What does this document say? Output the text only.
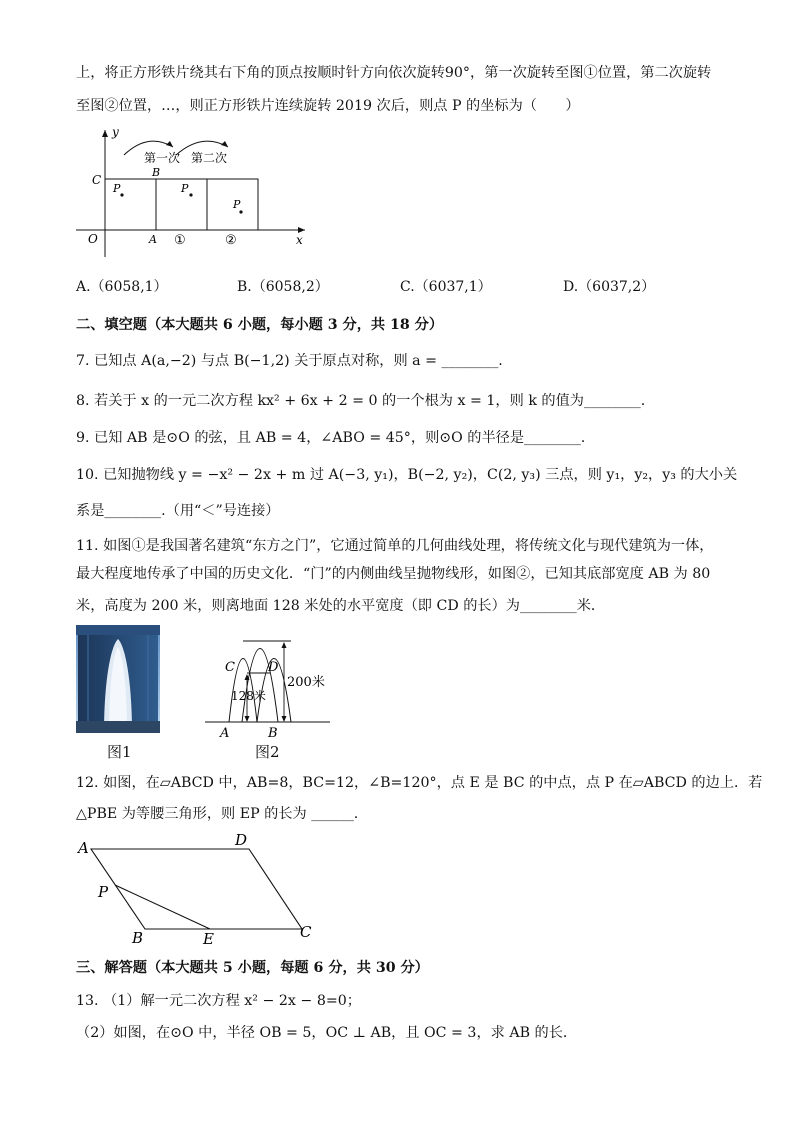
上，将正方形铁片绕其右下角的顶点按顺时针方向依次旋转90°，第一次旋转至图①位置，第二次旋转
至图②位置，…，则正方形铁片连续旋转 2019 次后，则点 P 的坐标为（　　）
y
x
O
C
B
A
P	P
P
①	②
第一次 第二次
A.（6058,1）	B.（6058,2）	C.（6037,1）	D.（6037,2）
二、填空题（本大题共 6 小题，每小题 3 分，共 18 分）
7. 已知点 A(a,−2) 与点 B(−1,2) 关于原点对称，则 a = ________.
8. 若关于 x 的一元二次方程 kx² + 6x + 2 = 0 的一个根为 x = 1，则 k 的值为________.
9. 已知 AB 是⊙O 的弦，且 AB = 4，∠ABO = 45°，则⊙O 的半径是________.
10. 已知抛物线 y = −x² − 2x + m 过 A(−3, y₁)，B(−2, y₂)，C(2, y₃) 三点，则 y₁，y₂，y₃ 的大小关
系是________.（用“＜”号连接）
11. 如图①是我国著名建筑“东方之门”，它通过简单的几何曲线处理，将传统文化与现代建筑为一体，
最大程度地传承了中国的历史文化．“门”的内侧曲线呈抛物线形，如图②，已知其底部宽度 AB 为 80
米，高度为 200 米，则离地面 128 米处的水平宽度（即 CD 的长）为________米．
图1
C	D
A	B
128米
200米
图2
12. 如图，在▱ABCD 中，AB=8，BC=12，∠B=120°，点 E 是 BC 的中点，点 P 在▱ABCD 的边上．若
△PBE 为等腰三角形，则 EP 的长为 ______.
A	D
P
B	E	C
三、解答题（本大题共 5 小题，每题 6 分，共 30 分）
13. （1）解一元二次方程 x² − 2x − 8=0；
（2）如图，在⊙O 中，半径 OB = 5，OC ⊥ AB，且 OC = 3，求 AB 的长．
